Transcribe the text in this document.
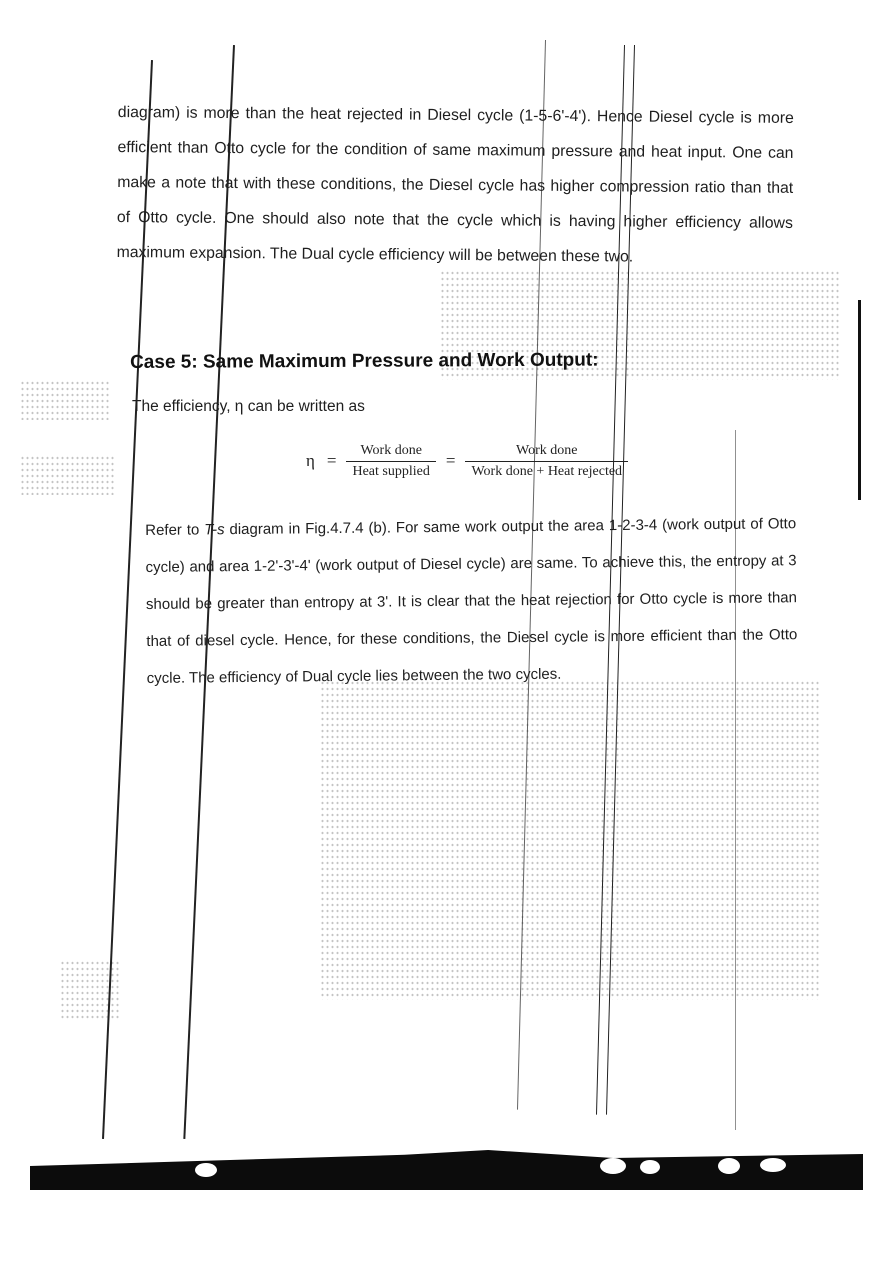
diagram) is more than the heat rejected in Diesel cycle (1-5-6'-4'). Hence Diesel cycle is more efficient than Otto cycle for the condition of same maximum pressure and heat input. One can make a note that with these conditions, the Diesel cycle has higher compression ratio than that of Otto cycle. One should also note that the cycle which is having higher efficiency allows maximum expansion. The Dual cycle efficiency will be between these two.

Case 5: Same Maximum Pressure and Work Output:
The efficiency, η can be written as
$\eta = \frac{\text{Work done}}{\text{Heat supplied}} = \frac{\text{Work done}}{\text{Work done + Heat rejected}}$

Refer to T-s diagram in Fig.4.7.4 (b). For same work output the area 1-2-3-4 (work output of Otto cycle) and area 1-2'-3'-4' (work output of Diesel cycle) are same. To achieve this, the entropy at 3 should be greater than entropy at 3'. It is clear that the heat rejection for Otto cycle is more than that of diesel cycle. Hence, for these conditions, the Diesel cycle is more efficient than the Otto cycle. The efficiency of Dual cycle lies between the two cycles.
